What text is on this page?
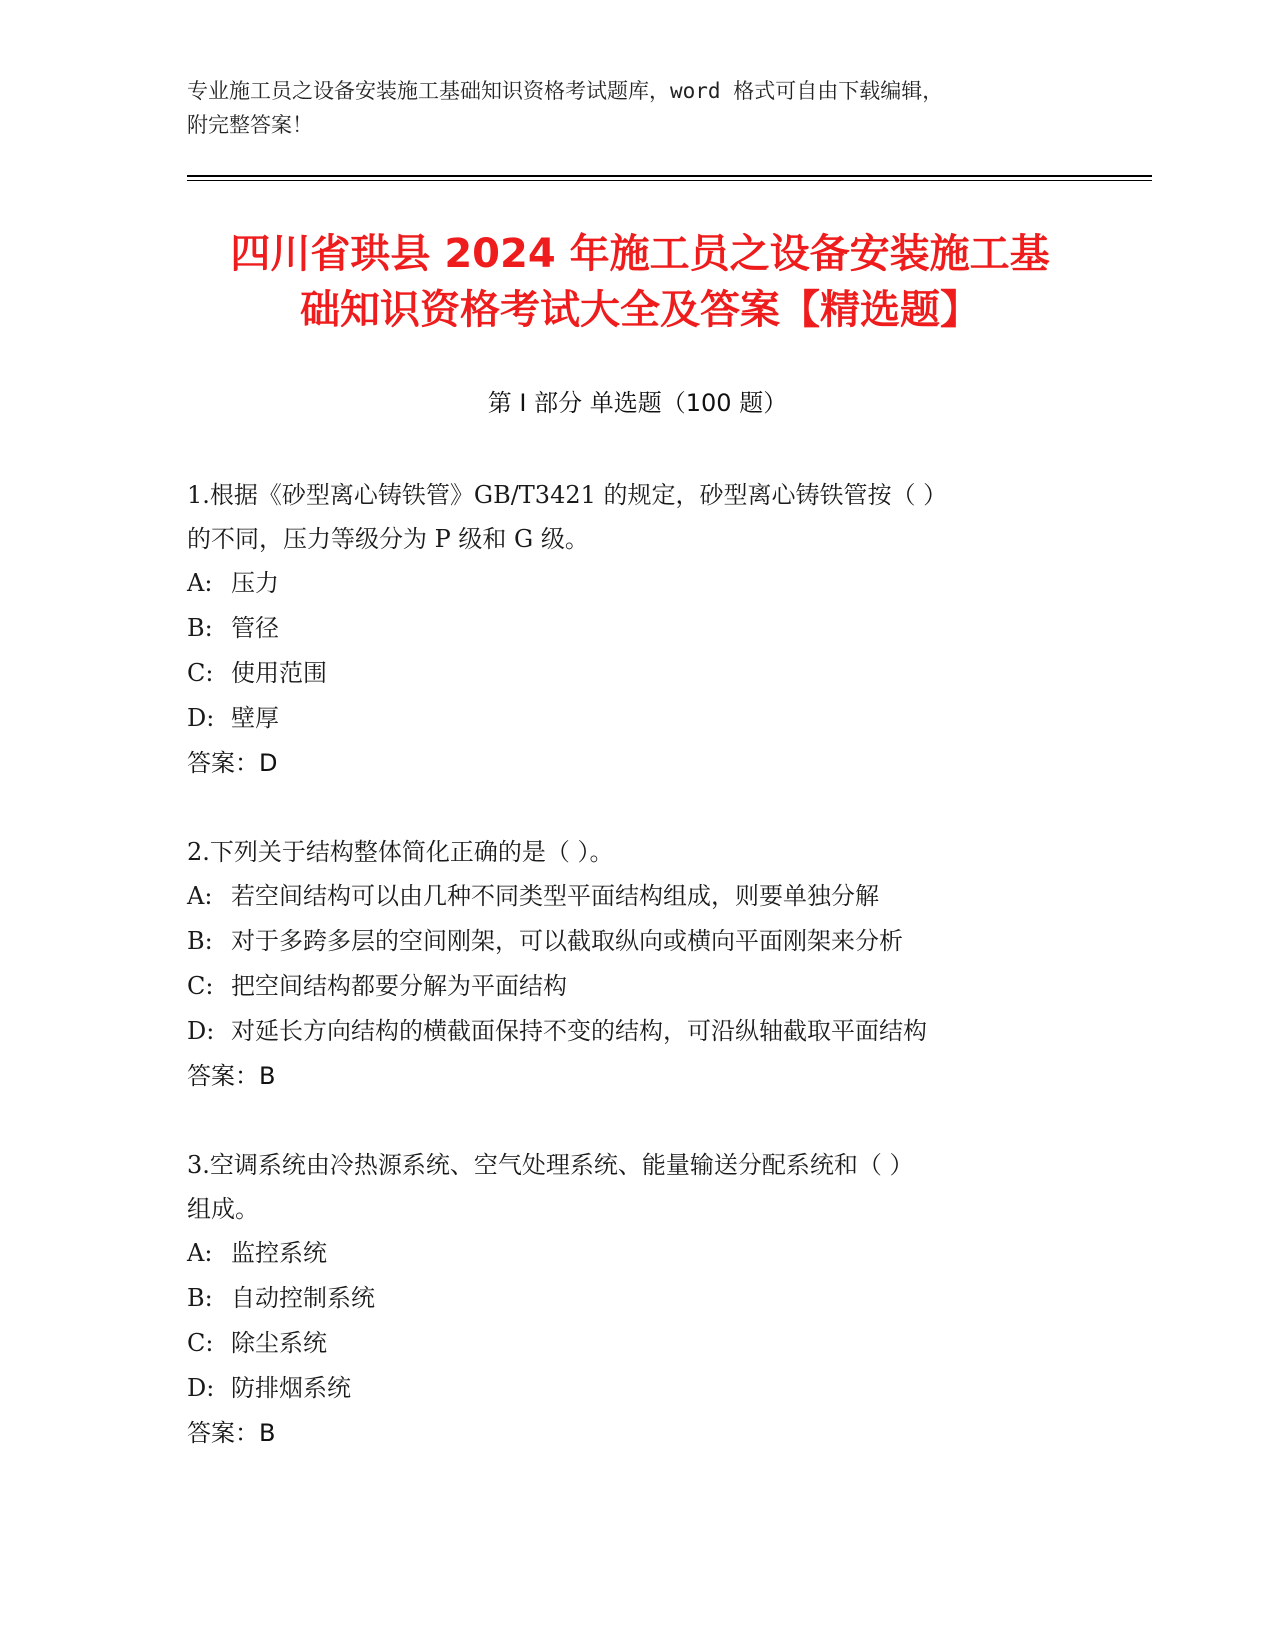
专业施工员之设备安装施工基础知识资格考试题库，word 格式可自由下载编辑，
附完整答案！
四川省珙县 2024 年施工员之设备安装施工基
础知识资格考试大全及答案【精选题】
第 I 部分 单选题（100 题）

1.根据《砂型离心铸铁管》GB/T3421 的规定，砂型离心铸铁管按（ ）

的不同，压力等级分为 P 级和 G 级。

A: 压力

B: 管径

C: 使用范围

D: 壁厚

答案：D

2.下列关于结构整体简化正确的是（ ）。

A: 若空间结构可以由几种不同类型平面结构组成，则要单独分解

B: 对于多跨多层的空间刚架，可以截取纵向或横向平面刚架来分析

C: 把空间结构都要分解为平面结构

D: 对延长方向结构的横截面保持不变的结构，可沿纵轴截取平面结构

答案：B

3.空调系统由冷热源系统、空气处理系统、能量输送分配系统和（ ）

组成。

A: 监控系统

B: 自动控制系统

C: 除尘系统

D: 防排烟系统

答案：B
